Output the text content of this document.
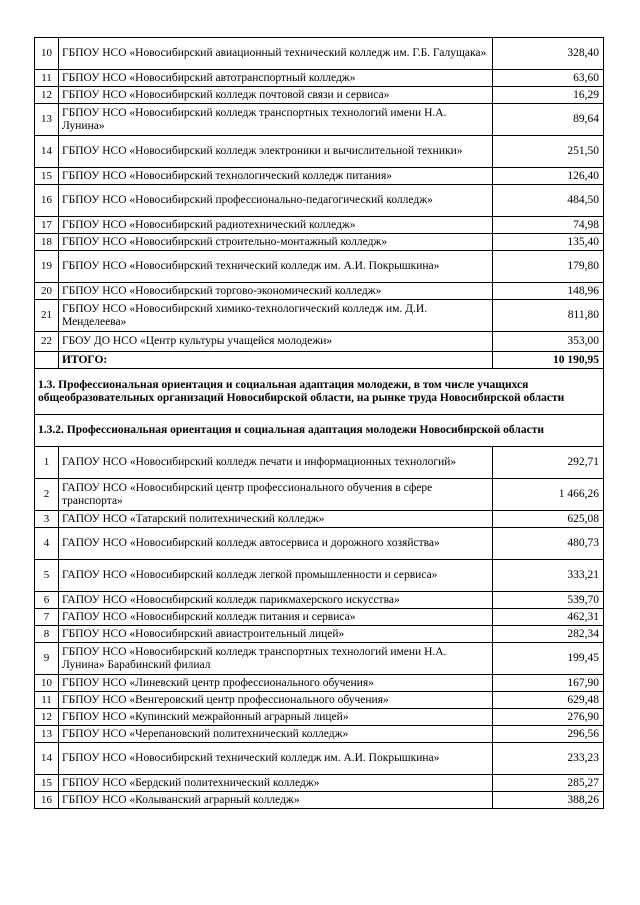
10	ГБПОУ НСО «Новосибирский авиационный технический колледж им. Г.Б. Галущака»	328,40
11	ГБПОУ НСО «Новосибирский автотранспортный колледж»	63,60
12	ГБПОУ НСО «Новосибирский колледж почтовой связи и сервиса»	16,29
13	ГБПОУ НСО «Новосибирский колледж транспортных технологий имени Н.А. Лунина»	89,64
14	ГБПОУ НСО «Новосибирский колледж электроники и вычислительной техники»	251,50
15	ГБПОУ НСО «Новосибирский технологический колледж питания»	126,40
16	ГБПОУ НСО «Новосибирский профессионально-педагогический колледж»	484,50
17	ГБПОУ НСО «Новосибирский радиотехнический колледж»	74,98
18	ГБПОУ НСО «Новосибирский строительно-монтажный колледж»	135,40
19	ГБПОУ НСО «Новосибирский технический колледж им. А.И. Покрышкина»	179,80
20	ГБПОУ НСО «Новосибирский торгово-экономический колледж»	148,96
21	ГБПОУ НСО «Новосибирский химико-технологический колледж им. Д.И. Менделеева»	811,80
22	ГБОУ ДО НСО «Центр культуры учащейся молодежи»	353,00
	ИТОГО:	10 190,95
1.3. Профессиональная ориентация и социальная адаптация молодежи, в том числе учащихся общеобразовательных организаций Новосибирской области, на рынке труда Новосибирской области		
1.3.2. Профессиональная ориентация и социальная адаптация молодежи Новосибирской области		
1	ГАПОУ НСО «Новосибирский колледж печати и информационных технологий»	292,71
2	ГАПОУ НСО «Новосибирский центр профессионального обучения в сфере транспорта»	1 466,26
3	ГАПОУ НСО «Татарский политехнический колледж»	625,08
4	ГАПОУ НСО «Новосибирский колледж автосервиса и дорожного хозяйства»	480,73
5	ГАПОУ НСО «Новосибирский колледж легкой промышленности и сервиса»	333,21
6	ГАПОУ НСО «Новосибирский колледж парикмахерского искусства»	539,70
7	ГАПОУ НСО «Новосибирский колледж питания и сервиса»	462,31
8	ГБПОУ НСО «Новосибирский авиастроительный лицей»	282,34
9	ГБПОУ НСО «Новосибирский колледж транспортных технологий имени Н.А. Лунина» Барабинский филиал	199,45
10	ГБПОУ НСО «Линевский центр профессионального обучения»	167,90
11	ГБПОУ НСО «Венгеровский центр профессионального обучения»	629,48
12	ГБПОУ НСО «Купинский межрайонный аграрный лицей»	276,90
13	ГБПОУ НСО «Черепановский политехнический колледж»	296,56
14	ГБПОУ НСО «Новосибирский технический колледж им. А.И. Покрышкина»	233,23
15	ГБПОУ НСО «Бердский политехнический колледж»	285,27
16	ГБПОУ НСО «Колыванский аграрный колледж»	388,26
